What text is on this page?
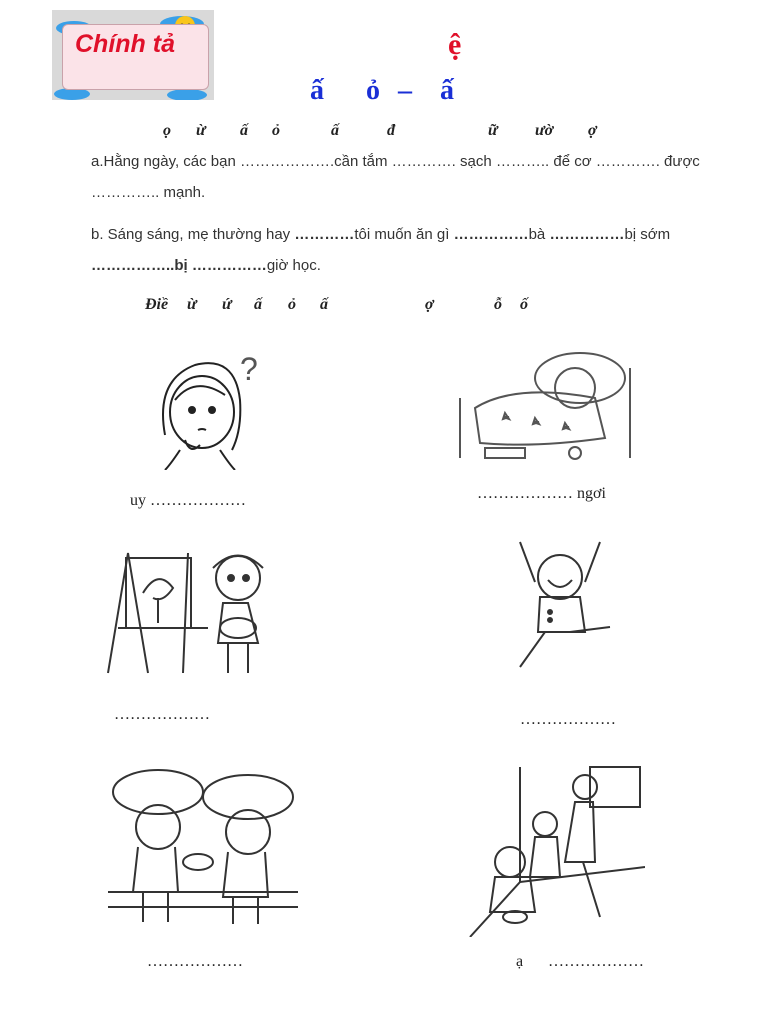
Chính tả	ệ
ấ ỏ – ấ
ọ ừ ấ ỏ	ấ	đ	ữ ườ ợ
a.Hằng ngày, các bạn ……………….cần tắm …………. sạch ……….. để cơ …………. được
………….. mạnh.
b. Sáng sáng, mẹ thường hay …………tôi muốn ăn gì ……………bà ……………bị sớm
……………..bị ……………giờ học.
Điề ừ ứ ấ ỏ ấ	ợ	ỗ ố
?
uy ………………	……………… ngơi
………………	………………
………………	ạ ………………
